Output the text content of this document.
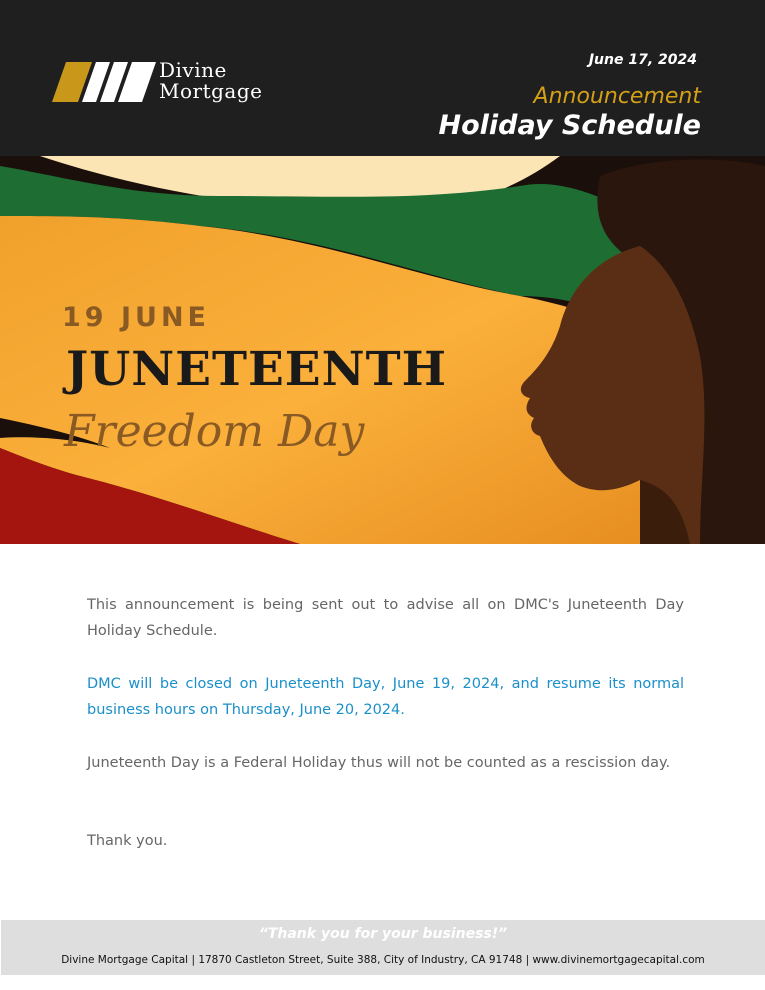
Divine
Mortgage
June 17, 2024
Announcement
Holiday Schedule
19 JUNE
JUNETEENTH
Freedom Day
This announcement is being sent out to advise all on DMC's Juneteenth Day Holiday Schedule.
DMC will be closed on Juneteenth Day, June 19, 2024, and resume its normal business hours on Thursday, June 20, 2024.
Juneteenth Day is a Federal Holiday thus will not be counted as a rescission day.
Thank you.
“Thank you for your business!”
Divine Mortgage Capital | 17870 Castleton Street, Suite 388, City of Industry, CA 91748 | www.divinemortgagecapital.com
